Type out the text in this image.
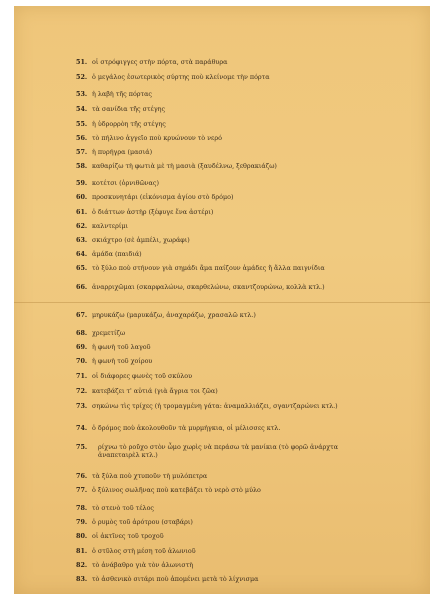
51. οἱ στρόφιγγες στὴν πόρτα, στὰ παράθυρα
52. ὁ μεγάλος ἐσωτερικὸς σύρτης ποὺ κλείνομε τὴν πόρτα
53. ἡ λαβὴ τῆς πόρτας
54. τὰ σανίδια τῆς στέγης
55. ἡ ὑδρορρὸη τῆς στέγης
56. τὸ πήλινο ἀγγεῖο ποὺ κρυώνουν τὸ νερό
57. ἡ πυρήγρα (μασιά)
58. καθαρίζω τὴ φωτιὰ μὲ τὴ μασιὰ (ξαυδέλνω, ξεθρακιάζω)
59. κοτέτσι (ὀρνιθῶνας)
60. προσκυνητάρι (εἰκόνισμα ἁγίου στὸ δρόμο)
61. ὁ διάττων ἀστὴρ (ξέφυγε ἕνα ἀστέρι)
62. καλντερίμι
63. σκιάχτρο (σὲ ἀμπέλι, χωράφι)
64. ἁμάδα (παιδιά)
65. τὸ ξύλο ποὺ στήνουν γιὰ σημάδι ἅμα παίζουν ἁμάδες ἢ ἄλλα παιγνίδια
66. ἀναρριχῶμαι (σκαρφαλώνω, σκαρθελώνω, σκαντζουρώνω, κολλὰ κτλ.)
67. μηρυκάζω (μαρυκάζω, ἀναχαράζω, χρασαλῶ κτλ.)
68. χρεμετίζω
69. ἡ φωνὴ τοῦ λαγοῦ
70. ἡ φωνὴ τοῦ χοίρου
71. οἱ διάφορες φωνὲς τοῦ σκύλου
72. κατεβάζει τ' αὐτιά (γιὰ ἄγρια τοι ζῶα)
73. σηκώνω τὶς τρίχες (ἡ τρομαγμένη γάτα: ἀναμαλλιάζει, σγαντζαρώνει κτλ.)
74. ὁ δρόμος ποὺ ἀκολουθοῦν τὰ μυρμήγκια, οἱ μέλισσες κτλ.
75. ρίχνω τὸ ροῦχο στὸν ὦμο χωρὶς νὰ περάσω τὰ μανίκια (τὸ φορῶ ἀνάρχτα ἀναπεταιρὲλ κτλ.)
76. τὰ ξύλα ποὺ χτυποῦν τὴ μυλόπετρα
77. ὁ ξύλινος σωλῆνας ποὺ κατεβάζει τὸ νερὸ στὸ μύλο
78. τὸ στενὸ τοῦ τέλος
79. ὁ ρυμὸς τοῦ ἀρότρου (σταβάρι)
80. οἱ ἀκτῖνες τοῦ τροχοῦ
81. ὁ στῦλος στὴ μέση τοῦ ἁλωνιοῦ
82. τὸ ἀνάβαθρο γιὰ τὸν ἁλωνιστὴ
83. τὸ ἀσθενικὸ σιτάρι ποὺ ἀπομένει μετὰ τὸ λίχνισμα
